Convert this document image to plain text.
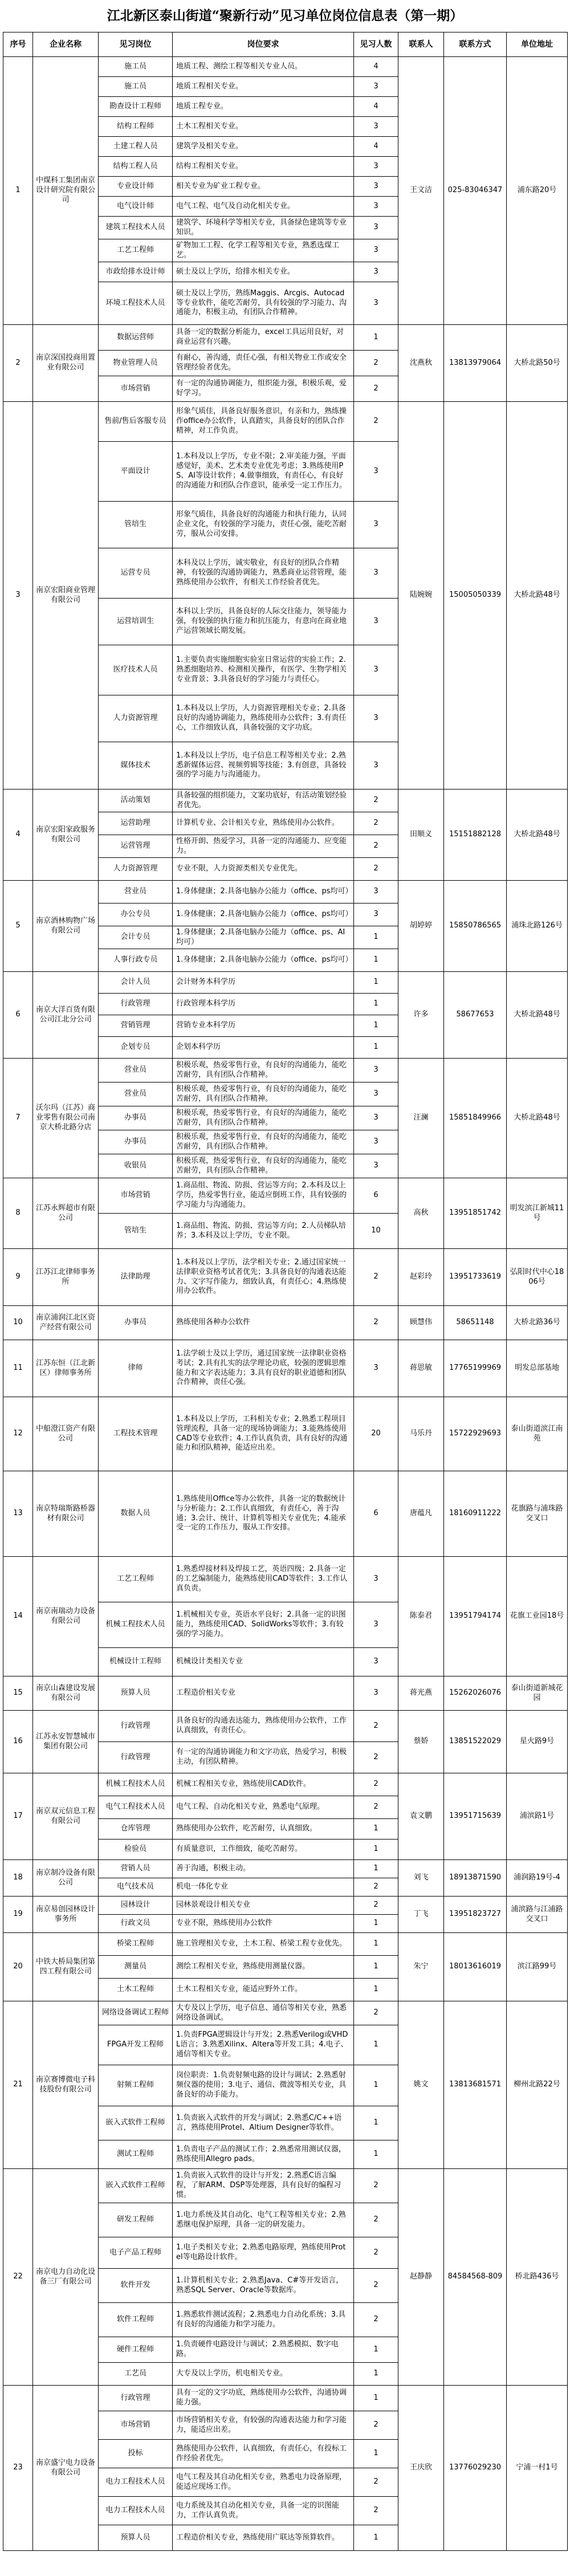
江北新区泰山街道“聚新行动”见习单位岗位信息表（第一期）
序号	企业名称	见习岗位	岗位要求	见习人数	联系人	联系方式	单位地址
1	中煤科工集团南京设计研究院有限公司	施工员	地质工程、测绘工程等相关专业人员。	4	王文洁	025-83046347	浦东路20号
		施工员	地质工程相关专业。	3			
		勘查设计工程师	地质工程专业。	4			
		结构工程师	土木工程相关专业。	3			
		土建工程人员	建筑学及相关专业。	4			
		结构工程人员	结构工程相关专业。	3			
		专业设计师	相关专业为矿业工程专业。	3			
		电气设计师	电气工程、电气及自动化相关专业。	3			
		建筑工程技术人员	建筑学、环境科学等相关专业，具备绿色建筑等专业知识。	3			
		工艺工程师	矿物加工工程、化学工程等相关专业，熟悉选煤工艺。	3			
		市政给排水设计师	硕士及以上学历，给排水相关专业。	3			
		环境工程技术人员	硕士及以上学历，熟练Maggis、Arcgis、Autocad等专业软件，能吃苦耐劳，具有较强的学习能力、沟通能力，积极主动，有团队合作精神。	3			
2	南京深国投商用置业有限公司	数据运营师	具备一定的数据分析能力，excel工具运用良好，对商业运营有兴趣。	1	沈燕秋	13813979064	大桥北路50号
		物业管理人员	有耐心，善沟通，责任心强，有相关物业工作或安全管理经验者优先。	2			
		市场营销	有一定的沟通协调能力，组织能力强，积极乐观，爱好学习。	2			
3	南京宏阳商业管理有限公司	售前/售后客服专员	形象气质佳，具备良好服务意识，有亲和力，熟练操作office办公软件，认真踏实，具备良好的团队合作精神，对工作负责。	2	陆婉婉	15005050339	大桥北路48号
		平面设计	1.本科及以上学历，专业不限；2.审美能力强，平面感觉好，美术、艺术类专业优先考虑；3.熟练使用PS、AI等设计软件；4.做事细致，有责任心，有良好的沟通能力和团队合作意识，能承受一定工作压力。	3			
		管培生	形象气质佳，具备良好的沟通能力和执行能力，认同企业文化，有较强的学习能力，责任心强，能吃苦耐劳，服从公司安排。	3			
		运营专员	本科及以上学历，诚实敬业，有良好的团队合作精神，有较强的沟通协调能力，熟悉商业运营管理，能熟练使用办公软件，有相关工作经验者优先。	3			
		运营培训生	本科以上学历，具备良好的人际交往能力，领导能力强，有较强的执行能力和抗压能力，有意向在商业地产运营领域长期发展。	3			
		医疗技术人员	1.主要负责实施细胞实验室日常运营的实验工作；2.熟悉细胞培养、检测相关操作，有医学、生物学相关专业背景；3.具备良好的学习能力与责任心。	3			
		人力资源管理	1.本科及以上学历，人力资源管理相关专业；2.具备良好的沟通协调能力，熟练使用办公软件；3.有责任心，工作细致认真，具备较强的文字功底。	3			
		媒体技术	1.本科及以上学历，电子信息工程等相关专业；2.熟悉新媒体运营、视频剪辑等技能；3.有创意，具备较强的学习能力与沟通能力。	3			
4	南京宏阳家政服务有限公司	活动策划	具备较强的组织能力，文案功底好，有活动策划经验者优先。	2	田顺义	15151882128	大桥北路48号
		运营助理	计算机专业、会计相关专业，熟练使用办公软件。	2			
		运营管理	性格开朗、热爱学习，具备一定的沟通能力、应变能力。	2			
		人力资源管理	专业不限，人力资源类相关专业优先。	2			
5	南京酒林购物广场有限公司	营业员	1.身体健康；2.具备电脑办公能力（office、ps均可）	3	胡婷婷	15850786565	浦珠北路126号
		办公专员	1.身体健康；2.具备电脑办公能力（office、ps均可）	3			
		会计专员	1.身体健康；2.具备电脑办公能力（office、ps、AI均可）	1			
		人事行政专员	1.身体健康；2.具备电脑办公能力（office、ps均可）	1			
6	南京大洋百货有限公司江北分公司	会计人员	会计财务本科学历	1	许多	58677653	大桥北路48号
		行政管理	行政管理本科学历	1			
		营销管理	营销专业本科学历	1			
		企划专员	企划本科学历	1			
7	沃尔玛（江苏）商业零售有限公司南京大桥北路分店	营业员	积极乐观，热爱零售行业，有良好的沟通能力，能吃苦耐劳，具有团队合作精神。	3	汪澜	15851849966	大桥北路48号
		营业员	积极乐观，热爱零售行业，有良好的沟通能力，能吃苦耐劳，具有团队合作精神。	3			
		办事员	积极乐观，热爱零售行业，有良好的沟通能力，能吃苦耐劳，具有团队合作精神。	3			
		办事员	积极乐观，热爱零售行业，有良好的沟通能力，能吃苦耐劳，具有团队合作精神。	3			
		收银员	积极乐观，热爱零售行业，有良好的沟通能力，能吃苦耐劳，具有团队合作精神。	3			
8	江苏永辉超市有限公司	市场营销	1.商品组、物流、防损、营运等方向；2.本科及以上学历，热爱零售行业，能适应倒班工作，具有较强的学习能力与沟通能力。	6	高秋	13951851742	明发滨江新城11号
		管培生	1.商品组、物流、防损、营运等方向；2.人员梯队培养；3.本科及以上学历，专业不限。	10			
9	江苏江北律师事务所	法律助理	1.本科及以上学历，法学相关专业；2.通过国家统一法律职业资格考试者优先；3.具备良好的沟通表达能力、文字写作能力，细致认真，有责任心；4.熟练使用办公软件。	2	赵彩玲	13951733619	弘阳时代中心1806号
10	南京浦润江北区资产经营有限公司	办事员	熟练使用各种办公软件	2	顾慧伟	58651148	大桥北路36号
11	江苏东恒（江北新区）律师事务所	律师	1.法学硕士及以上学历，通过国家统一法律职业资格考试；2.具有扎实的法学理论功底，较强的逻辑思维能力和文字表达能力；3.具有良好的职业道德和团队合作精神，责任心强。	3	蒋思敏	17765199969	明发总部基地
12	中船澄江资产有限公司	工程技术管理	1.本科及以上学历，工科相关专业；2.熟悉工程项目管理流程，具备一定的现场协调能力；3.能熟练使用CAD等专业软件；4.工作认真负责，具有良好的沟通能力和团队精神，能适应出差。	20	马乐丹	15722929693	泰山街道滨江南苑
13	南京特瑞斯路桥器材有限公司	数据人员	1.熟练使用Office等办公软件，具备一定的数据统计与分析能力；2.工作认真细致，有责任心，善于沟通；3.会计、统计、计算机等相关专业优先；4.能承受一定的工作压力，服从工作安排。	6	唐蕴凡	18160911222	花旗路与浦珠路交叉口
14	南京南瑞动力设备有限公司	工艺工程师	1.熟悉焊接材料及焊接工艺，英语四级；2.具备一定的工艺编制能力，能熟练使用CAD等软件；3.工作认真负责。	3	陈泰君	13951794174	花旗工业园18号
		机械工程技术人员	1.机械相关专业，英语水平良好；2.具备一定的识图能力，熟练使用CAD、SolidWorks等软件；3.有较强的学习能力。	3			
		机械设计工程师	机械设计类相关专业	3			
15	南京山森建设发展有限公司	预算人员	工程造价相关专业	3	蒋光燕	15262026076	泰山街道新城花园
16	江苏永安智慧城市集团有限公司	行政管理	具备良好的沟通表达能力，熟练使用办公软件，工作认真细致，有责任心。	2	蔡娇	13851522029	星火路9号
		行政管理	有一定的沟通协调能力和文字功底，热爱学习，积极主动，有团队精神。	2			
17	南京双元信息工程有限公司	机械工程技术人员	机械工程相关专业，熟练使用CAD软件。	2	袁文鹏	13951715639	浦滨路1号
		电气工程技术人员	电气工程、自动化相关专业，熟悉电气原理。	2			
		仓库管理	熟练使用办公软件，吃苦耐劳，认真细致。	1			
		检验员	有质量意识，工作细致，能吃苦耐劳。	1			
18	南京制冷设备有限公司	营销人员	善于沟通，积极主动。	1	刘飞	18913871590	浦润路19号-4
		电气技术员	机电一体化专业	2			
19	南京易创园林设计事务所	园林设计	园林景观设计相关专业	2	丁飞	13951823727	浦滨路与江浦路交叉口
		行政文员	专业不限，熟练使用办公软件	1			
20	中铁大桥局集团第四工程有限公司	桥梁工程师	施工管理相关专业，土木工程、桥梁工程专业优先。	1	朱宁	18013616019	滨江路99号
		测量员	测绘工程相关专业，熟练使用测量仪器。	1			
		土木工程师	土木工程相关专业，能适应野外工作。	1			
21	南京赛博微电子科技股份有限公司	网络设备调试工程师	大专及以上学历，电子信息、通信等相关专业，熟悉网络设备调试。	2	姚文	13813681571	柳州北路22号
		FPGA开发工程师	1.负责FPGA逻辑设计与开发；2.熟悉Verilog或VHDL语言；3.熟悉Xilinx、Altera等开发工具；4.电子、通信等相关专业。	1			
		射频工程师	岗位职责：1.负责射频电路的设计与调试；2.熟悉射频仪器的使用；3.电子、通信、微波等相关专业，具备良好的动手能力。	1			
		嵌入式软件工程师	1.负责嵌入式软件的开发与调试；2.熟悉C/C++语言，熟练使用Protel、Altium Designer等软件。	1			
		测试工程师	1.负责电子产品的测试工作；2.熟悉常用测试仪器，熟练使用Allegro pads。	1			
22	南京电力自动化设备三厂有限公司	嵌入式软件工程师	1.负责嵌入式软件的设计与开发；2.熟悉C语言编程，了解ARM、DSP等处理器，具有良好的编程习惯。	2	赵静静	84584568-809	桥北路436号
		研发工程师	1.电力系统及其自动化、电气工程等相关专业；2.熟悉继电保护原理，具备一定的研发能力。	2			
		电子产品工程师	1.电子类相关专业；2.熟悉电路原理，熟练使用Protel等电路设计软件。	2			
		软件开发	1.计算机相关专业；2.熟悉Java、C#等开发语言，熟悉SQL Server、Oracle等数据库。	2			
		软件工程师	1.熟悉软件测试流程；2.熟悉电力自动化系统；3.具有良好的沟通能力和学习能力。	2			
		硬件工程师	1.负责硬件电路设计与调试；2.熟悉模拟、数字电路。	1			
		工艺员	大专及以上学历，机电相关专业。	1			
23	南京盛宁电力设备有限公司	行政管理	具有一定的文字功底，熟练使用办公软件，沟通协调能力强。	1	王庆欣	13776029230	宁浦一村1号
		市场营销	市场营销相关专业，有较强的沟通表达能力和学习能力，能适应出差。	2			
		投标	熟练使用办公软件，认真细致，有责任心，有投标工作经验者优先。	1			
		电力工程技术人员	电气工程及其自动化相关专业，熟悉电力设备原理，能适应现场工作。	2			
		电力工程技术人员	电力系统及其自动化相关专业，具备一定的识图能力，工作认真负责。	2			
		预算人员	工程造价相关专业，熟练使用广联达等预算软件。	1			
